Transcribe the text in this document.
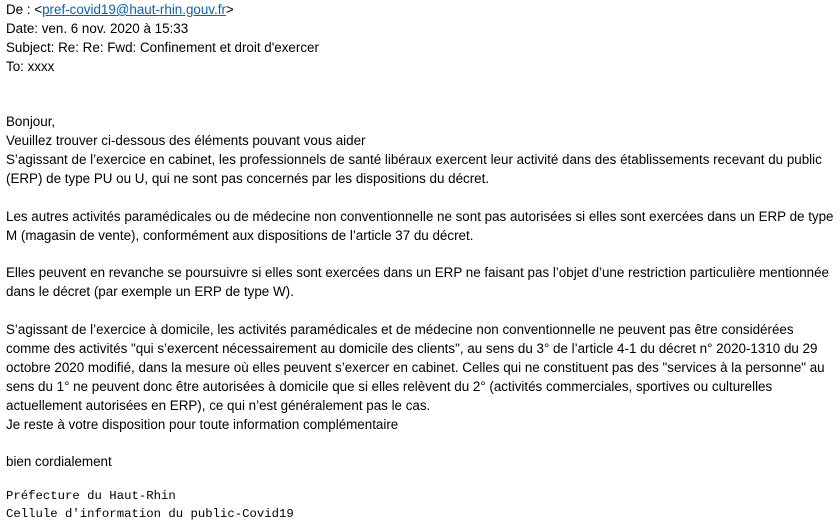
De : <pref-covid19@haut-rhin.gouv.fr>
Date: ven. 6 nov. 2020 à 15:33
Subject: Re: Re: Fwd: Confinement et droit d'exercer
To: xxxx
Bonjour,
Veuillez trouver ci-dessous des éléments pouvant vous aider
S’agissant de l’exercice en cabinet, les professionnels de santé libéraux exercent leur activité dans des établissements recevant du public
(ERP) de type PU ou U, qui ne sont pas concernés par les dispositions du décret.
Les autres activités paramédicales ou de médecine non conventionnelle ne sont pas autorisées si elles sont exercées dans un ERP de type
M (magasin de vente), conformément aux dispositions de l’article 37 du décret.
Elles peuvent en revanche se poursuivre si elles sont exercées dans un ERP ne faisant pas l’objet d’une restriction particulière mentionnée
dans le décret (par exemple un ERP de type W).
S’agissant de l’exercice à domicile, les activités paramédicales et de médecine non conventionnelle ne peuvent pas être considérées
comme des activités "qui s’exercent nécessairement au domicile des clients", au sens du 3° de l’article 4-1 du décret n° 2020-1310 du 29
octobre 2020 modifié, dans la mesure où elles peuvent s’exercer en cabinet. Celles qui ne constituent pas des "services à la personne" au
sens du 1° ne peuvent donc être autorisées à domicile que si elles relèvent du 2° (activités commerciales, sportives ou culturelles
actuellement autorisées en ERP), ce qui n’est généralement pas le cas.
Je reste à votre disposition pour toute information complémentaire
bien cordialement
Préfecture du Haut-Rhin
Cellule d'information du public-Covid19
